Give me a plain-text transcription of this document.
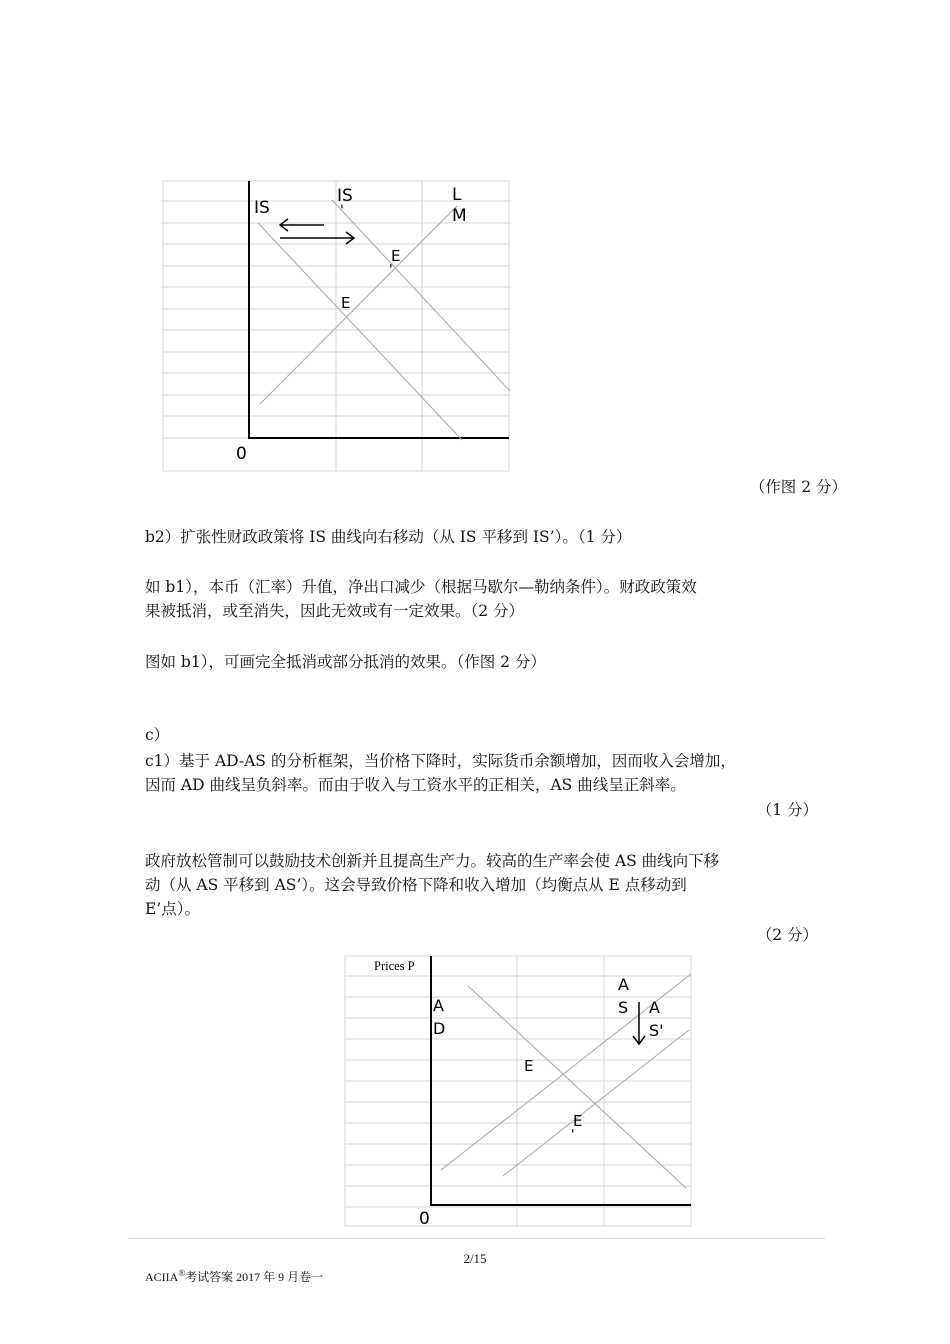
0
IS
IS '
L M
E
E '
（作图 2 分）
b2）扩张性财政政策将 IS 曲线向右移动（从 IS 平移到 IS’）。（1 分）
如 b1），本币（汇率）升值，净出口减少（根据马歇尔—勒纳条件）。财政政策效
果被抵消，或至消失，因此无效或有一定效果。（2 分）
图如 b1），可画完全抵消或部分抵消的效果。（作图 2 分）
c）
c1）基于 AD-AS 的分析框架，当价格下降时，实际货币余额增加，因而收入会增加，
因而 AD 曲线呈负斜率。而由于收入与工资水平的正相关，AS 曲线呈正斜率。
（1 分）
政府放松管制可以鼓励技术创新并且提高生产力。较高的生产率会使 AS 曲线向下移
动（从 AS 平移到 AS’）。这会导致价格下降和收入增加（均衡点从 E 点移动到
E’点）。
（2 分）
Prices P
0
A D
A S A S'
E
E '
2/15
ACIIA®考试答案 2017 年 9 月卷一
